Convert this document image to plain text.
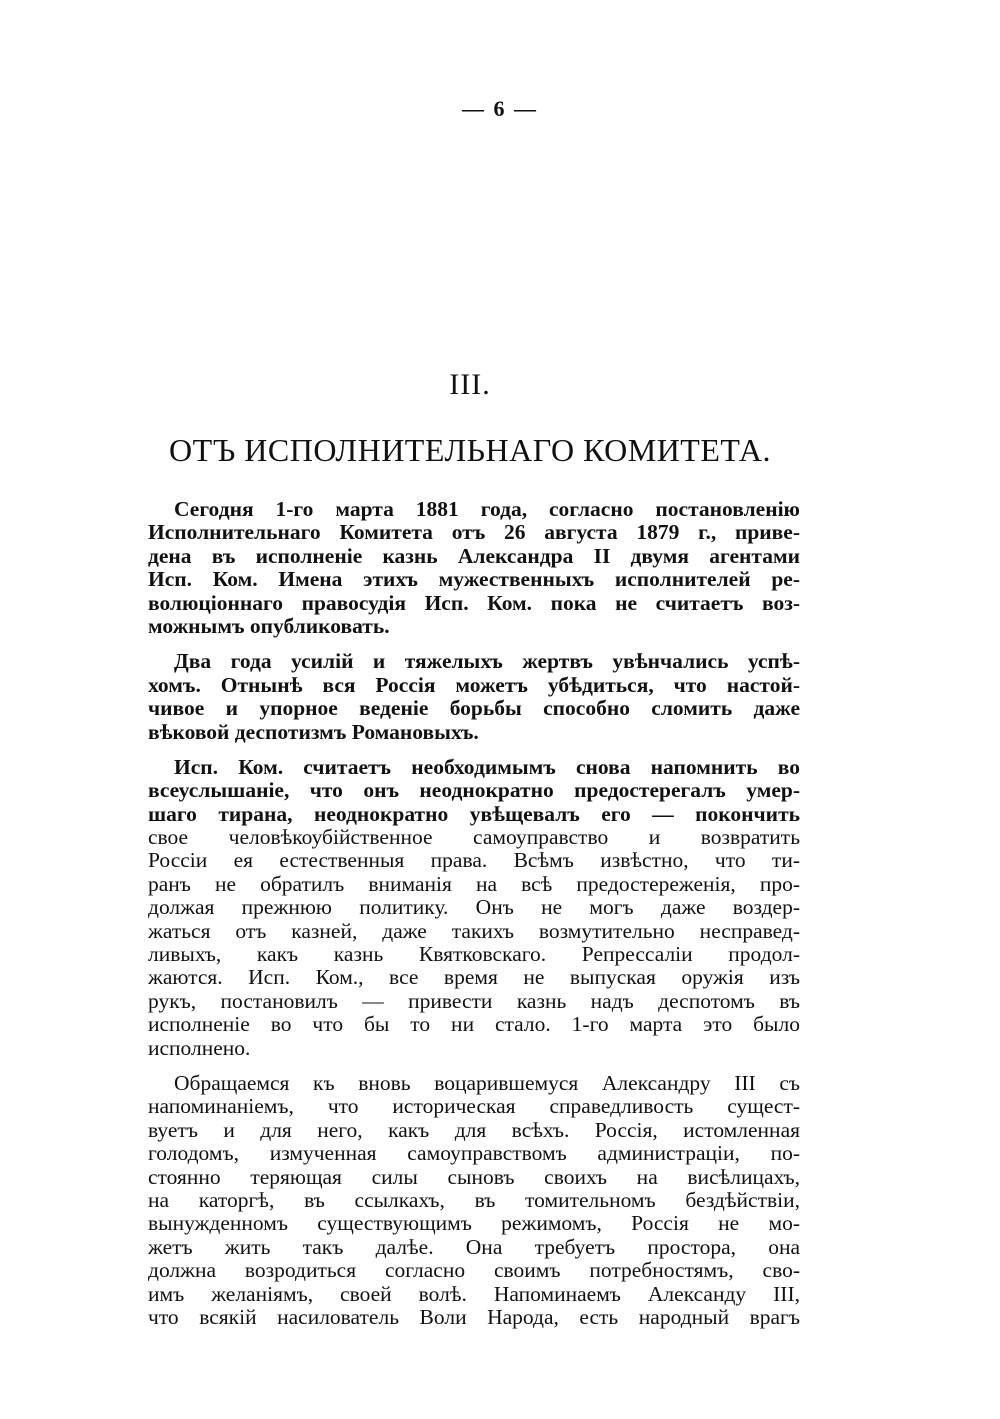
— 6 —
III.
ОТЪ ИСПОЛНИТЕЛЬНАГО КОМИТЕТА.
Сегодня 1-го марта 1881 года, согласно постановленію
Исполнительнаго Комитета отъ 26 августа 1879 г., приве-
дена въ исполненіе казнь Александра II двумя агентами
Исп. Ком. Имена этихъ мужественныхъ исполнителей ре-
волюціоннаго правосудія Исп. Ком. пока не считаетъ воз-
можнымъ опубликовать.
Два года усилій и тяжелыхъ жертвъ увѣнчались успѣ-
хомъ. Отнынѣ вся Россія можетъ убѣдиться, что настой-
чивое и упорное веденіе борьбы способно сломить даже
вѣковой деспотизмъ Романовыхъ.
Исп. Ком. считаетъ необходимымъ снова напомнить во
всеуслышаніе, что онъ неоднократно предостерегалъ умер-
шаго тирана, неоднократно увѣщевалъ его — покончить
свое человѣкоубійственное самоуправство и возвратить
Россіи ея естественныя права. Всѣмъ извѣстно, что ти-
ранъ не обратилъ вниманія на всѣ предостереженія, про-
должая прежнюю политику. Онъ не могъ даже воздер-
жаться отъ казней, даже такихъ возмутительно несправед-
ливыхъ, какъ казнь Квятковскаго. Репрессаліи продол-
жаются. Исп. Ком., все время не выпуская оружія изъ
рукъ, постановилъ — привести казнь надъ деспотомъ въ
исполненіе во что бы то ни стало. 1-го марта это было
исполнено.
Обращаемся къ вновь воцарившемуся Александру III съ
напоминаніемъ, что историческая справедливость сущест-
вуетъ и для него, какъ для всѣхъ. Россія, истомленная
голодомъ, измученная самоуправствомъ администраціи, по-
стоянно теряющая силы сыновъ своихъ на висѣлицахъ,
на каторгѣ, въ ссылкахъ, въ томительномъ бездѣйствіи,
вынужденномъ существующимъ режимомъ, Россія не мо-
жетъ жить такъ далѣе. Она требуетъ простора, она
должна возродиться согласно своимъ потребностямъ, сво-
имъ желаніямъ, своей волѣ. Напоминаемъ Александу III,
что всякій насилователь Воли Народа, есть народный врагъ
